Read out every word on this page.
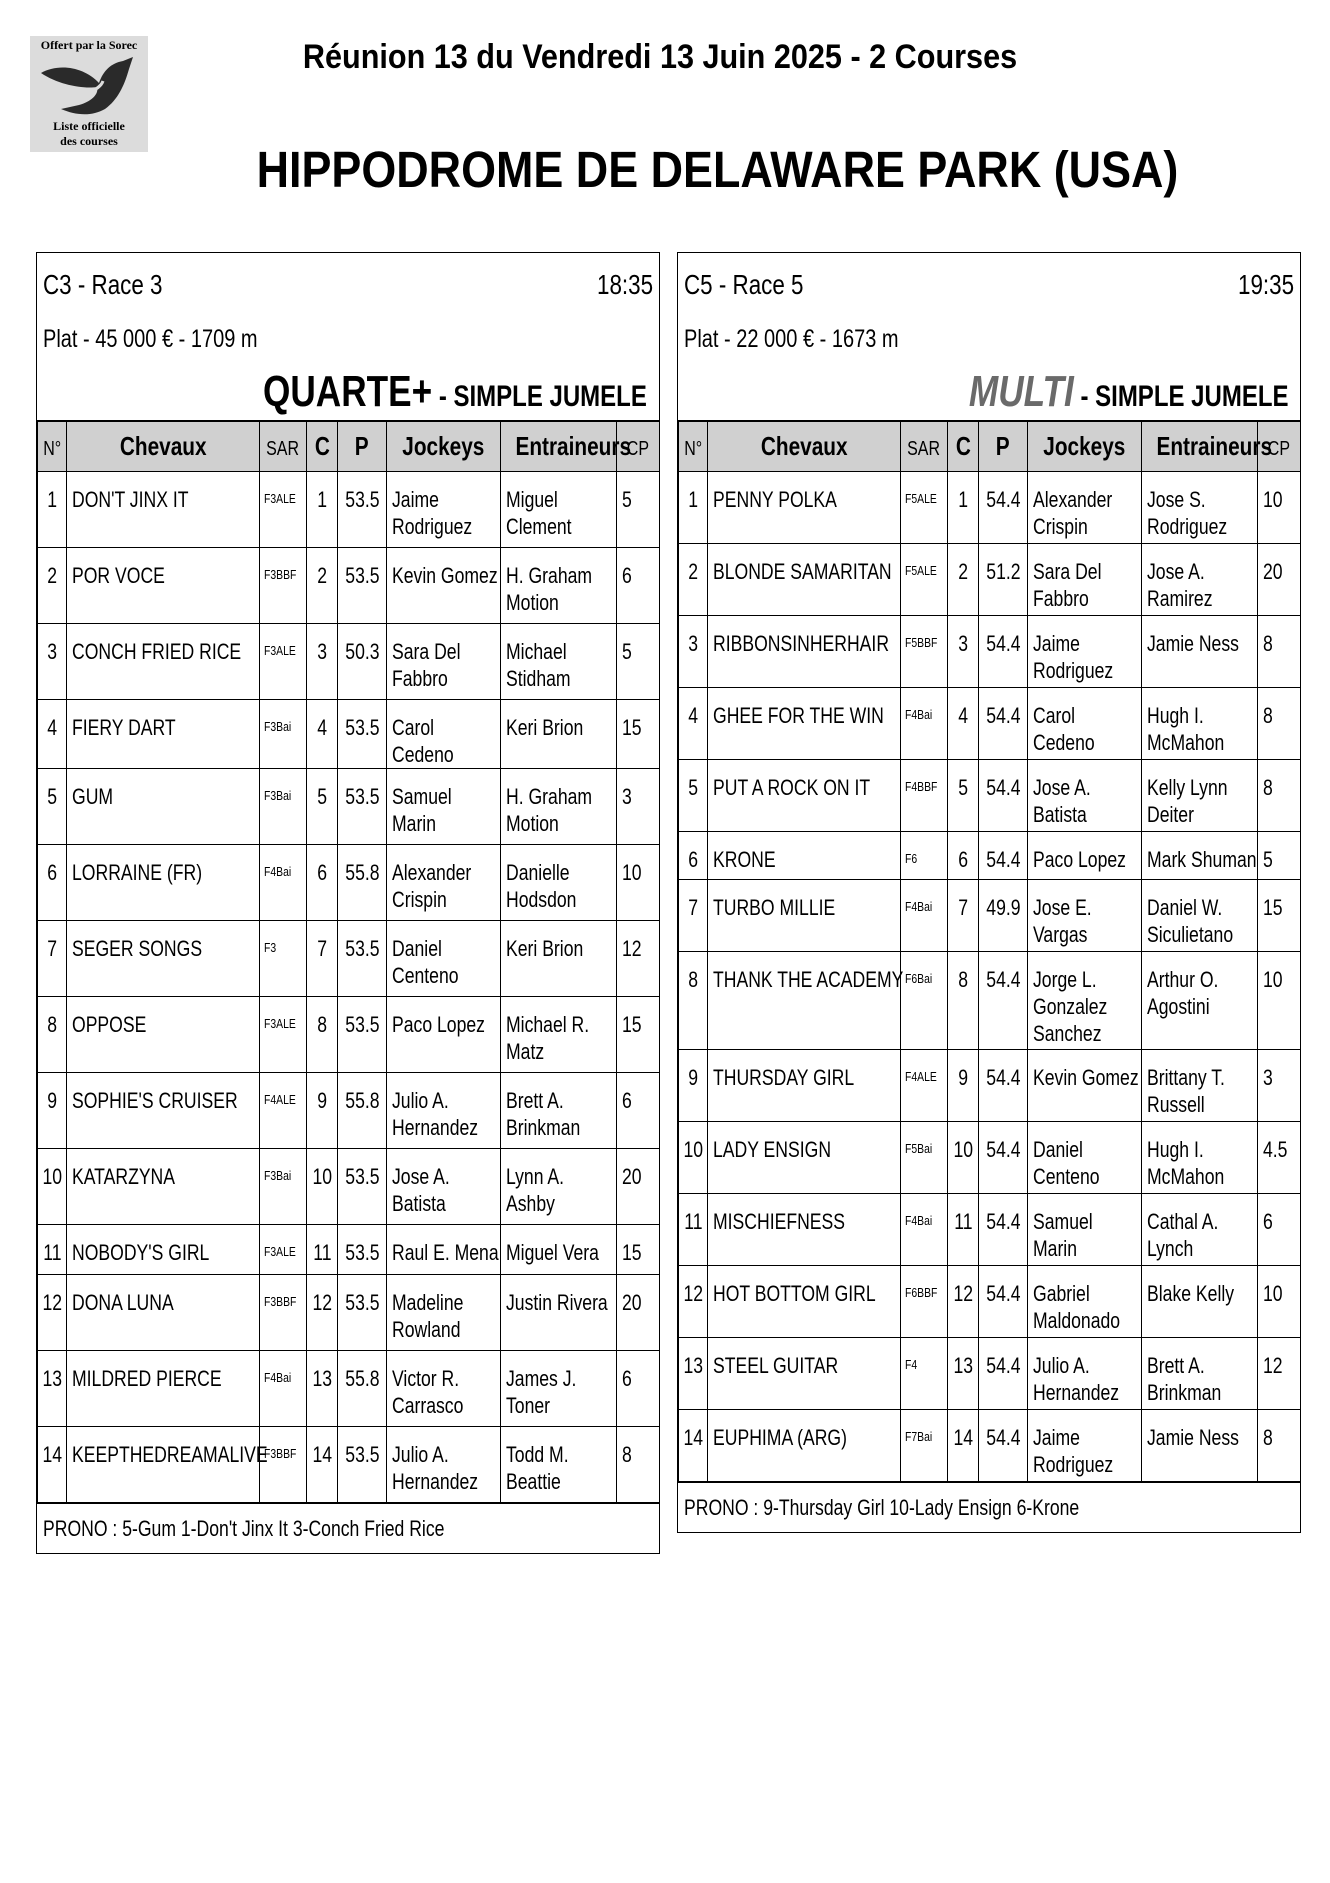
Offert par la Sorec
Liste officielle
des courses
Réunion 13 du Vendredi 13 Juin 2025 - 2 Courses
HIPPODROME DE DELAWARE PARK (USA)
C3 - Race 3	18:35
Plat - 45 000 € - 1709 m
QUARTE+ - SIMPLE JUMELE
N°	Chevaux	SAR	C	P	Jockeys	Entraineurs	CP
1	DON'T JINX IT	F3ALE	1	53.5	Jaime Rodriguez	Miguel Clement	5
2	POR VOCE	F3BBF	2	53.5	Kevin Gomez	H. Graham Motion	6
3	CONCH FRIED RICE	F3ALE	3	50.3	Sara Del Fabbro	Michael Stidham	5
4	FIERY DART	F3Bai	4	53.5	Carol Cedeno	Keri Brion	15
5	GUM	F3Bai	5	53.5	Samuel Marin	H. Graham Motion	3
6	LORRAINE (FR)	F4Bai	6	55.8	Alexander Crispin	Danielle Hodsdon	10
7	SEGER SONGS	F3	7	53.5	Daniel Centeno	Keri Brion	12
8	OPPOSE	F3ALE	8	53.5	Paco Lopez	Michael R. Matz	15
9	SOPHIE'S CRUISER	F4ALE	9	55.8	Julio A. Hernandez	Brett A. Brinkman	6
10	KATARZYNA	F3Bai	10	53.5	Jose A. Batista	Lynn A. Ashby	20
11	NOBODY'S GIRL	F3ALE	11	53.5	Raul E. Mena	Miguel Vera	15
12	DONA LUNA	F3BBF	12	53.5	Madeline Rowland	Justin Rivera	20
13	MILDRED PIERCE	F4Bai	13	55.8	Victor R. Carrasco	James J. Toner	6
14	KEEPTHEDREAMALIVE	F3BBF	14	53.5	Julio A. Hernandez	Todd M. Beattie	8
PRONO : 5-Gum 1-Don't Jinx It 3-Conch Fried Rice
C5 - Race 5	19:35
Plat - 22 000 € - 1673 m
MULTI - SIMPLE JUMELE
N°	Chevaux	SAR	C	P	Jockeys	Entraineurs	CP
1	PENNY POLKA	F5ALE	1	54.4	Alexander Crispin	Jose S. Rodriguez	10
2	BLONDE SAMARITAN	F5ALE	2	51.2	Sara Del Fabbro	Jose A. Ramirez	20
3	RIBBONSINHERHAIR	F5BBF	3	54.4	Jaime Rodriguez	Jamie Ness	8
4	GHEE FOR THE WIN	F4Bai	4	54.4	Carol Cedeno	Hugh I. McMahon	8
5	PUT A ROCK ON IT	F4BBF	5	54.4	Jose A. Batista	Kelly Lynn Deiter	8
6	KRONE	F6	6	54.4	Paco Lopez	Mark Shuman	5
7	TURBO MILLIE	F4Bai	7	49.9	Jose E. Vargas	Daniel W. Siculietano	15
8	THANK THE ACADEMY	F6Bai	8	54.4	Jorge L. Gonzalez Sanchez	Arthur O. Agostini	10
9	THURSDAY GIRL	F4ALE	9	54.4	Kevin Gomez	Brittany T. Russell	3
10	LADY ENSIGN	F5Bai	10	54.4	Daniel Centeno	Hugh I. McMahon	4.5
11	MISCHIEFNESS	F4Bai	11	54.4	Samuel Marin	Cathal A. Lynch	6
12	HOT BOTTOM GIRL	F6BBF	12	54.4	Gabriel Maldonado	Blake Kelly	10
13	STEEL GUITAR	F4	13	54.4	Julio A. Hernandez	Brett A. Brinkman	12
14	EUPHIMA (ARG)	F7Bai	14	54.4	Jaime Rodriguez	Jamie Ness	8
PRONO : 9-Thursday Girl 10-Lady Ensign 6-Krone
